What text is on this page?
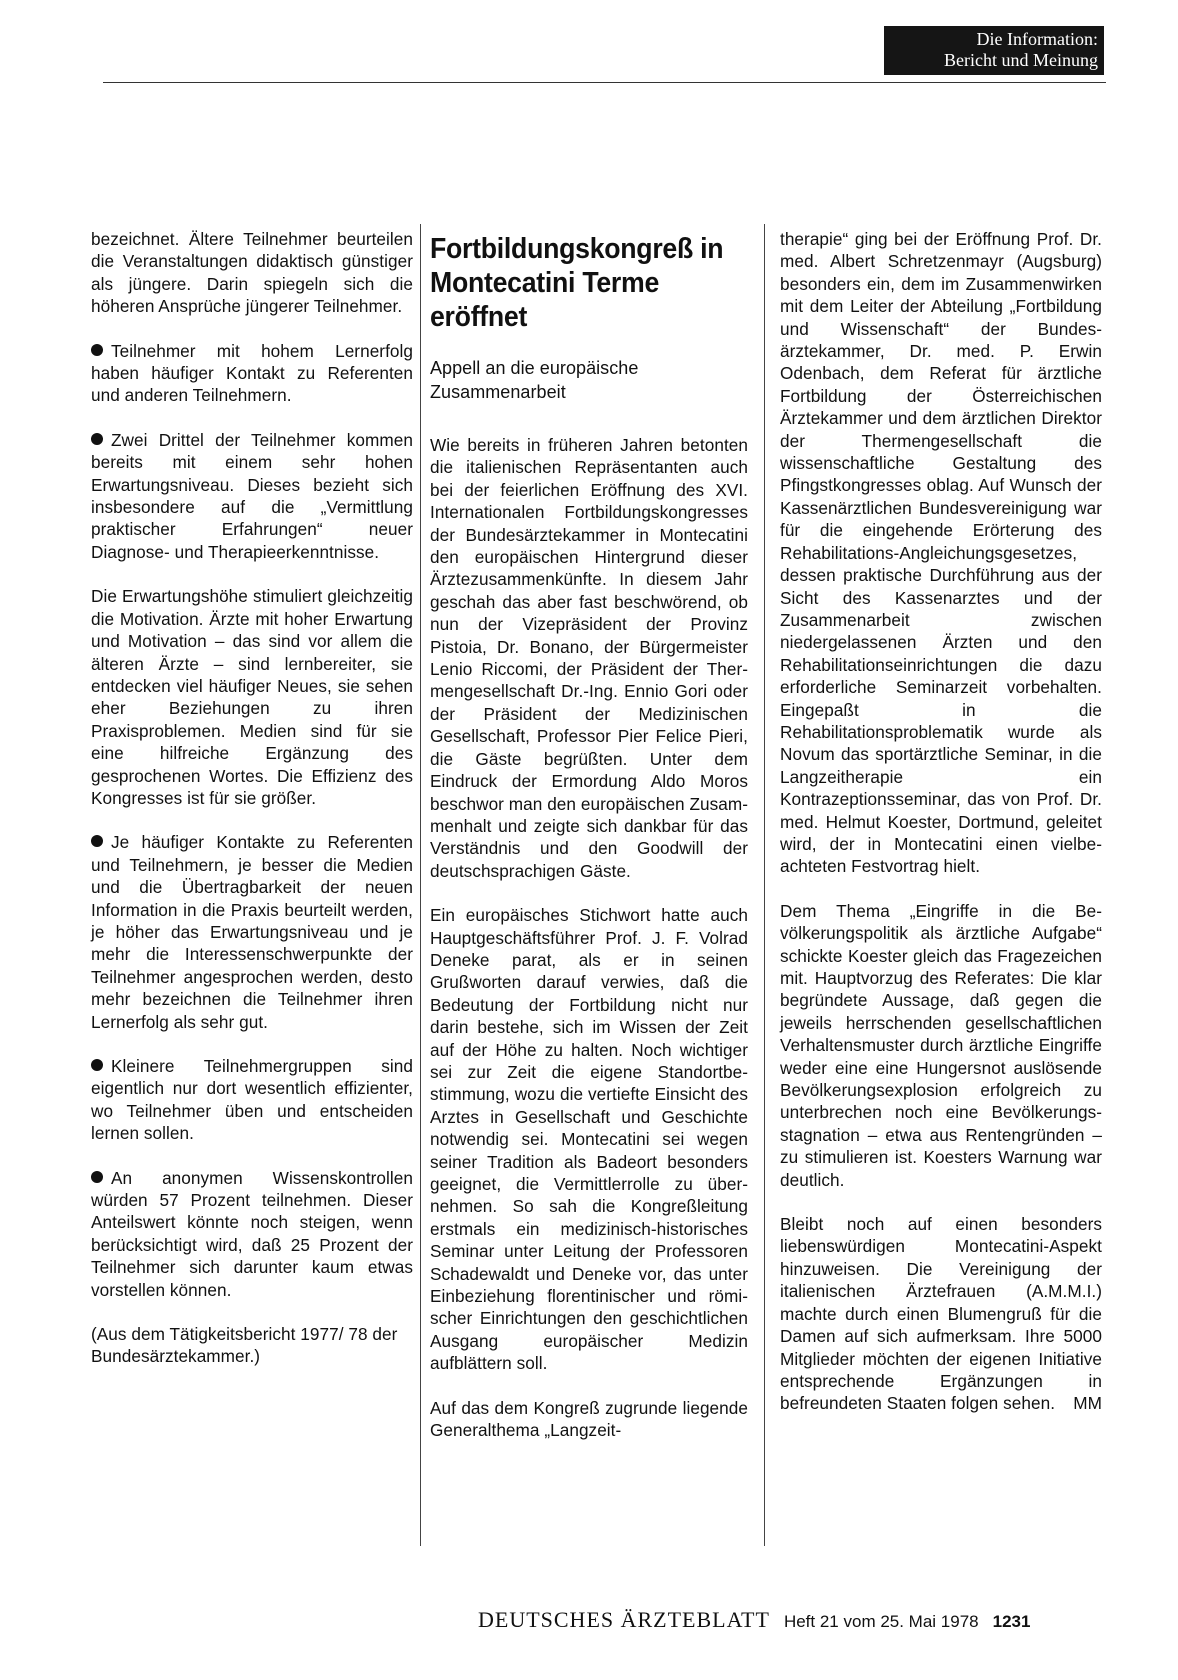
Die Information:
Bericht und Meinung

bezeichnet. Ältere Teilnehmer beurteilen die Veranstaltungen didaktisch günstiger als jüngere. Darin spiegeln sich die höheren Ansprüche jüngerer Teilnehmer.

Teilnehmer mit hohem Lernerfolg haben häufiger Kontakt zu Referenten und anderen Teilnehmern.

Zwei Drittel der Teilnehmer kommen bereits mit einem sehr hohen Erwartungsniveau. Dieses bezieht sich insbesondere auf die „Vermittlung praktischer Erfahrungen“ neuer Diagnose- und Therapieerkenntnisse.

Die Erwartungshöhe stimuliert gleichzeitig die Motivation. Ärzte mit hoher Erwartung und Motivation – das sind vor allem die älteren Ärzte – sind lernbereiter, sie entdecken viel häufiger Neues, sie sehen eher Beziehungen zu ihren Praxisproblemen. Medien sind für sie eine hilfreiche Ergänzung des gesprochenen Wortes. Die Effizienz des Kongresses ist für sie größer.

Je häufiger Kontakte zu Referenten und Teilnehmern, je besser die Medien und die Übertragbarkeit der neuen Information in die Praxis beurteilt werden, je höher das Erwartungsniveau und je mehr die Interessenschwerpunkte der Teilnehmer angesprochen werden, desto mehr bezeichnen die Teilnehmer ihren Lernerfolg als sehr gut.

Kleinere Teilnehmergruppen sind eigentlich nur dort wesentlich effizienter, wo Teilnehmer üben und entscheiden lernen sollen.

An anonymen Wissenskontrollen würden 57 Prozent teilnehmen. Dieser Anteilswert könnte noch steigen, wenn berücksichtigt wird, daß 25 Prozent der Teilnehmer sich darunter kaum etwas vorstellen können.

(Aus dem Tätigkeitsbericht 1977/ 78 der Bundesärztekammer.)

Fortbildungskongreß in Montecatini Terme eröffnet
Appell an die europäische Zusammenarbeit

Wie bereits in früheren Jahren betonten die italienischen Repräsentanten auch bei der feierlichen Eröffnung des XVI. Internationalen Fortbildungskongresses der Bundesärztekammer in Montecatini den europäischen Hintergrund dieser Ärztezusammenkünfte. In diesem Jahr geschah das aber fast beschwörend, ob nun der Vizepräsident der Provinz Pistoia, Dr. Bonano, der Bürgermeister Lenio Riccomi, der Präsident der Thermengesellschaft Dr.-Ing. Ennio Gori oder der Präsident der Medizinischen Gesellschaft, Professor Pier Felice Pieri, die Gäste begrüßten. Unter dem Eindruck der Ermordung Aldo Moros beschwor man den europäischen Zusammenhalt und zeigte sich dankbar für das Verständnis und den Goodwill der deutschsprachigen Gäste.

Ein europäisches Stichwort hatte auch Hauptgeschäftsführer Prof. J. F. Volrad Deneke parat, als er in seinen Grußworten darauf verwies, daß die Bedeutung der Fortbildung nicht nur darin bestehe, sich im Wissen der Zeit auf der Höhe zu halten. Noch wichtiger sei zur Zeit die eigene Standortbestimmung, wozu die vertiefte Einsicht des Arztes in Gesellschaft und Geschichte notwendig sei. Montecatini sei wegen seiner Tradition als Badeort besonders geeignet, die Vermittlerrolle zu übernehmen. So sah die Kongreßleitung erstmals ein medizinisch-historisches Seminar unter Leitung der Professoren Schadewaldt und Deneke vor, das unter Einbeziehung florentinischer und römischer Einrichtungen den geschichtlichen Ausgang europäischer Medizin aufblättern soll.

Auf das dem Kongreß zugrunde liegende Generalthema „Langzeit-

therapie“ ging bei der Eröffnung Prof. Dr. med. Albert Schretzenmayr (Augsburg) besonders ein, dem im Zusammenwirken mit dem Leiter der Abteilung „Fortbildung und Wissenschaft“ der Bundesärztekammer, Dr. med. P. Erwin Odenbach, dem Referat für ärztliche Fortbildung der Österreichischen Ärztekammer und dem ärztlichen Direktor der Thermengesellschaft die wissenschaftliche Gestaltung des Pfingstkongresses oblag. Auf Wunsch der Kassenärztlichen Bundesvereinigung war für die eingehende Erörterung des Rehabilitations-Angleichungsgesetzes, dessen praktische Durchführung aus der Sicht des Kassenarztes und der Zusammenarbeit zwischen niedergelassenen Ärzten und den Rehabilitationseinrichtungen die dazu erforderliche Seminarzeit vorbehalten. Eingepaßt in die Rehabilitationsproblematik wurde als Novum das sportärztliche Seminar, in die Langzeitherapie ein Kontrazeptionsseminar, das von Prof. Dr. med. Helmut Koester, Dortmund, geleitet wird, der in Montecatini einen vielbeachteten Festvortrag hielt.

Dem Thema „Eingriffe in die Bevölkerungspolitik als ärztliche Aufgabe“ schickte Koester gleich das Fragezeichen mit. Hauptvorzug des Referates: Die klar begründete Aussage, daß gegen die jeweils herrschenden gesellschaftlichen Verhaltensmuster durch ärztliche Eingriffe weder eine eine Hungersnot auslösende Bevölkerungsexplosion erfolgreich zu unterbrechen noch eine Bevölkerungsstagnation – etwa aus Rentengründen – zu stimulieren ist. Koesters Warnung war deutlich.

Bleibt noch auf einen besonders liebenswürdigen Montecatini-Aspekt hinzuweisen. Die Vereinigung der italienischen Ärztefrauen (A.M.M.I.) machte durch einen Blumengruß für die Damen auf sich aufmerksam. Ihre 5000 Mitglieder möchten der eigenen Initiative entsprechende Ergänzungen in befreundeten Staaten folgen sehen. MM

DEUTSCHES ÄRZTEBLATT Heft 21 vom 25. Mai 1978 1231
